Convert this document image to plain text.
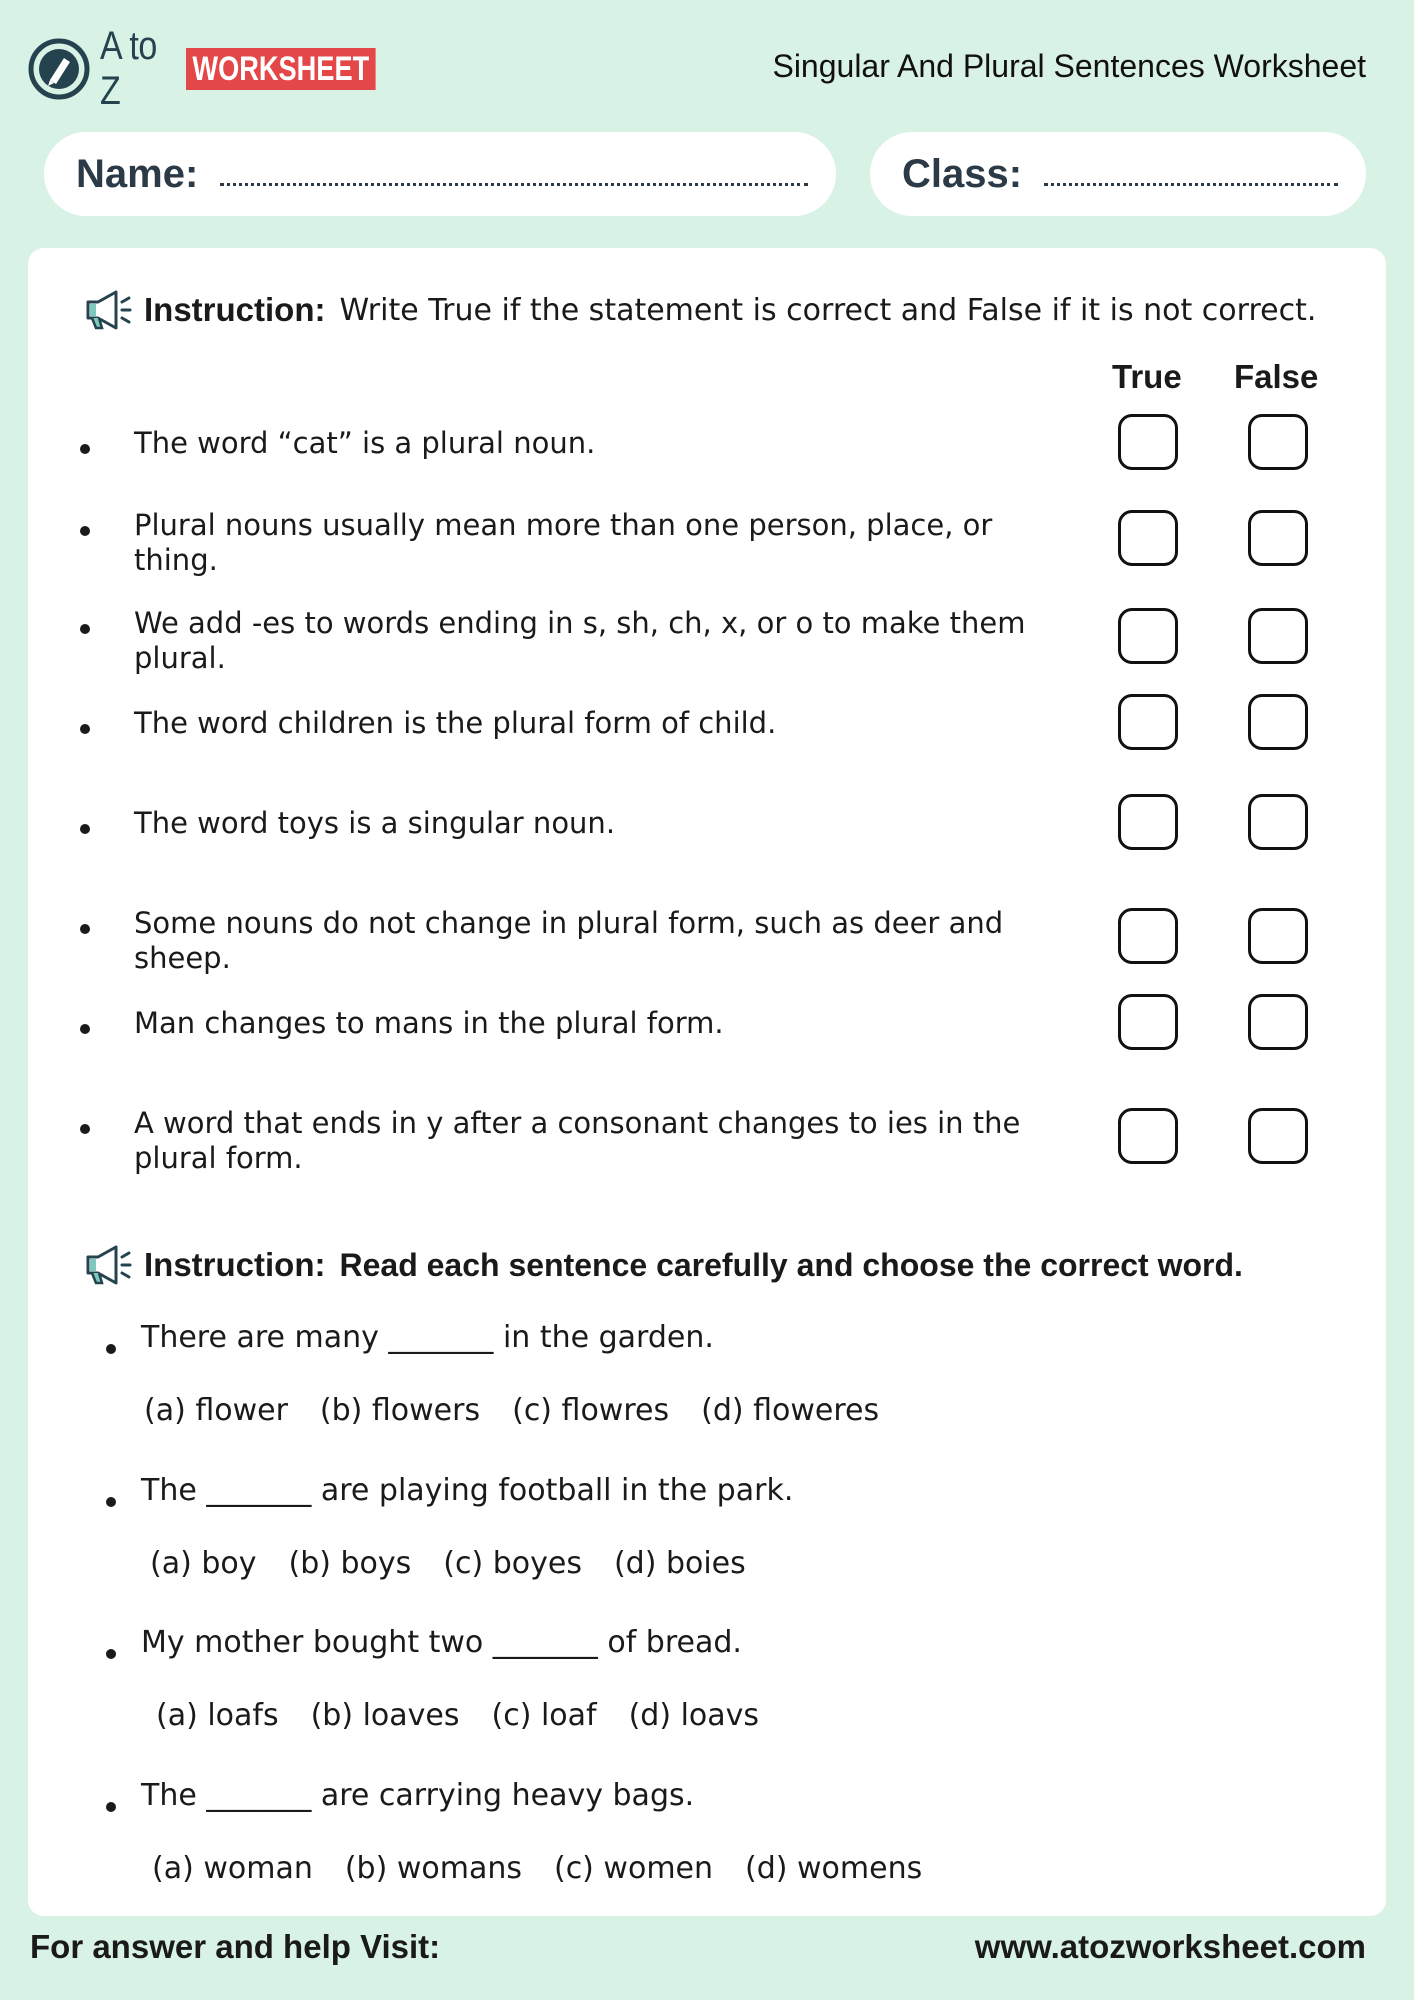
A to Z	WORKSHEET	Singular And Plural Sentences Worksheet
Name:	Class:
Instruction: Write True if the statement is correct and False if it is not correct.
True False
The word “cat” is a plural noun.
Plural nouns usually mean more than one person, place, or thing.
We add -es to words ending in s, sh, ch, x, or o to make them plural.
The word children is the plural form of child.
The word toys is a singular noun.
Some nouns do not change in plural form, such as deer and sheep.
Man changes to mans in the plural form.
A word that ends in y after a consonant changes to ies in the plural form.
Instruction: Read each sentence carefully and choose the correct word.
There are many _______ in the garden.
(a) flower (b) flowers (c) flowres (d) floweres
The _______ are playing football in the park.
(a) boy (b) boys (c) boyes (d) boies
My mother bought two _______ of bread.
(a) loafs (b) loaves (c) loaf (d) loavs
The _______ are carrying heavy bags.
(a) woman (b) womans (c) women (d) womens
For answer and help Visit:	www.atozworksheet.com
